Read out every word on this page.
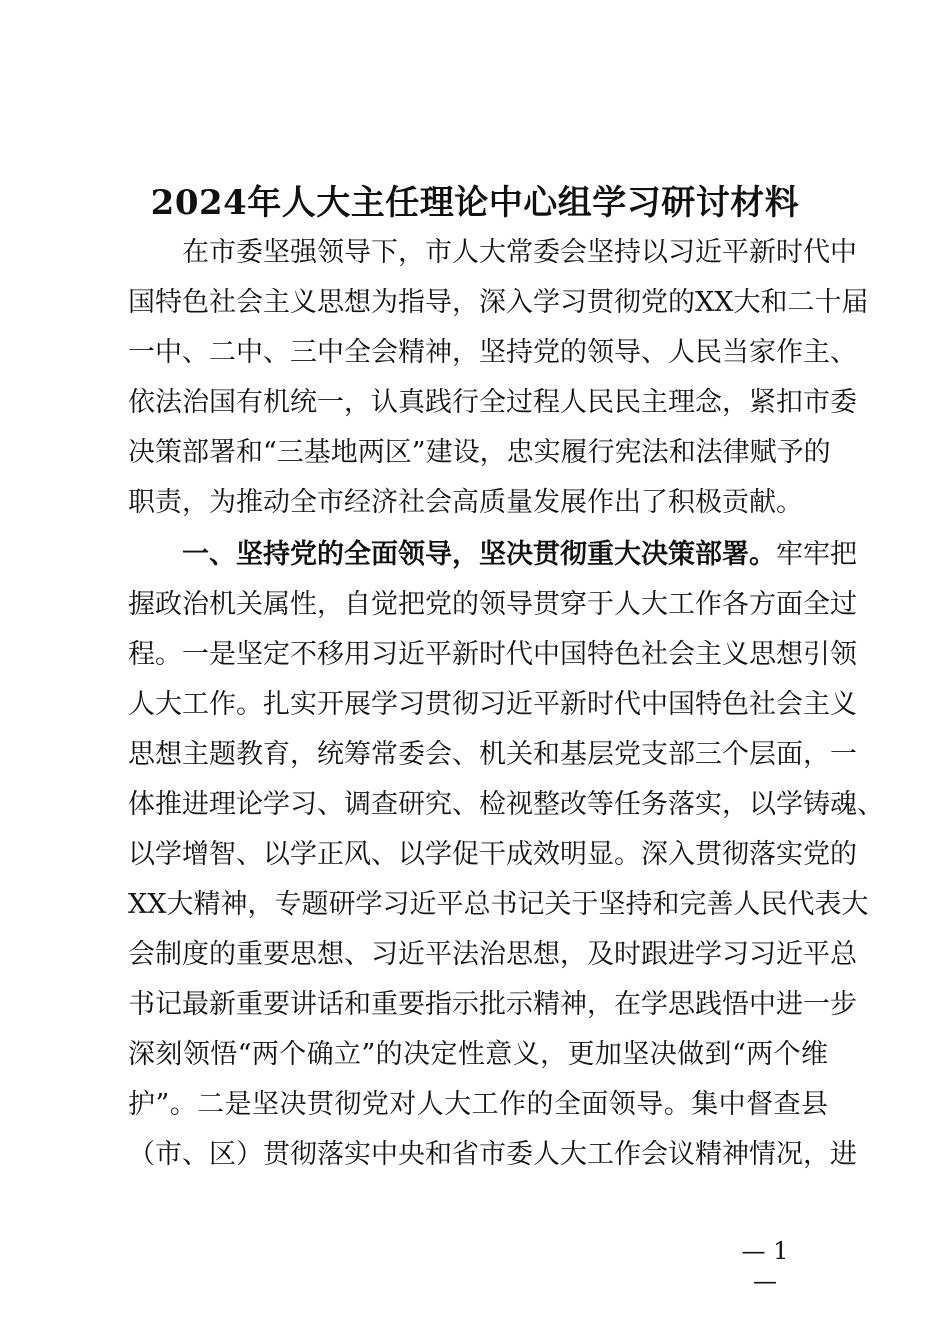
2024年人大主任理论中心组学习研讨材料
在市委坚强领导下，市人大常委会坚持以习近平新时代中
国特色社会主义思想为指导，深入学习贯彻党的XX大和二十届
一中、二中、三中全会精神，坚持党的领导、人民当家作主、
依法治国有机统一，认真践行全过程人民民主理念，紧扣市委
决策部署和“三基地两区”建设，忠实履行宪法和法律赋予的
职责，为推动全市经济社会高质量发展作出了积极贡献。
一、坚持党的全面领导，坚决贯彻重大决策部署。牢牢把
握政治机关属性，自觉把党的领导贯穿于人大工作各方面全过
程。一是坚定不移用习近平新时代中国特色社会主义思想引领
人大工作。扎实开展学习贯彻习近平新时代中国特色社会主义
思想主题教育，统筹常委会、机关和基层党支部三个层面，一
体推进理论学习、调查研究、检视整改等任务落实，以学铸魂、
以学增智、以学正风、以学促干成效明显。深入贯彻落实党的
XX大精神，专题研学习近平总书记关于坚持和完善人民代表大
会制度的重要思想、习近平法治思想，及时跟进学习习近平总
书记最新重要讲话和重要指示批示精神，在学思践悟中进一步
深刻领悟“两个确立”的决定性意义，更加坚决做到“两个维
护”。二是坚决贯彻党对人大工作的全面领导。集中督查县
（市、区）贯彻落实中央和省市委人大工作会议精神情况，进
— 1 —
